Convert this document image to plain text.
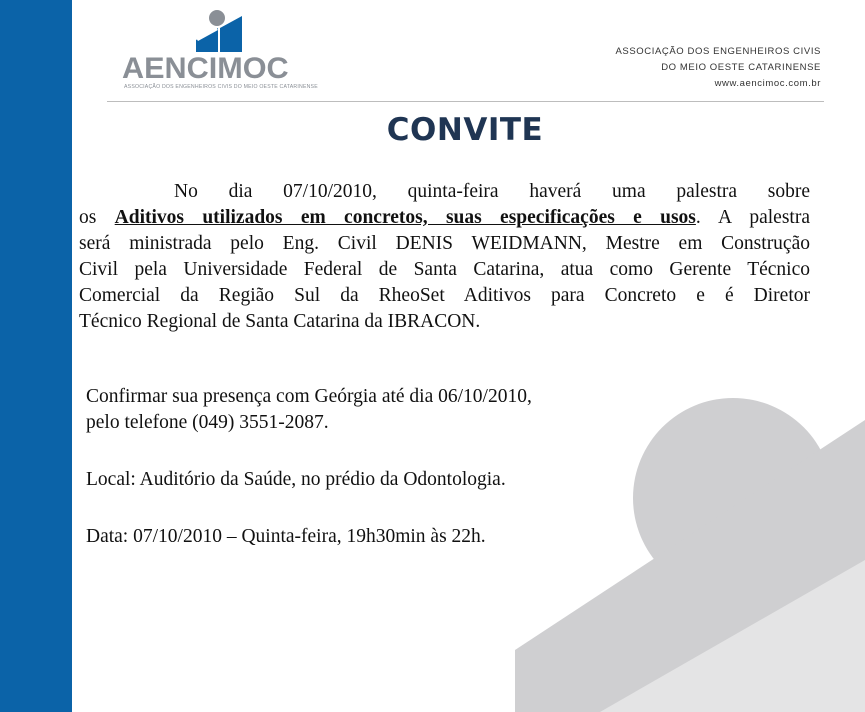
AENCIMOC
ASSOCIAÇÃO DOS ENGENHEIROS CIVIS DO MEIO OESTE CATARINENSE
ASSOCIAÇÃO DOS ENGENHEIROS CIVIS
DO MEIO OESTE CATARINENSE
www.aencimoc.com.br
CONVITE
No dia 07/10/2010, quinta-feira haverá uma palestra sobre
os Aditivos utilizados em concretos, suas especificações e usos. A palestra
será ministrada pelo Eng. Civil DENIS WEIDMANN, Mestre em Construção
Civil pela Universidade Federal de Santa Catarina, atua como Gerente Técnico
Comercial da Região Sul da RheoSet Aditivos para Concreto e é Diretor
Técnico Regional de Santa Catarina da IBRACON.
Confirmar sua presença com Geórgia até dia 06/10/2010,
pelo telefone (049) 3551-2087.
Local: Auditório da Saúde, no prédio da Odontologia.
Data: 07/10/2010 – Quinta-feira, 19h30min às 22h.
